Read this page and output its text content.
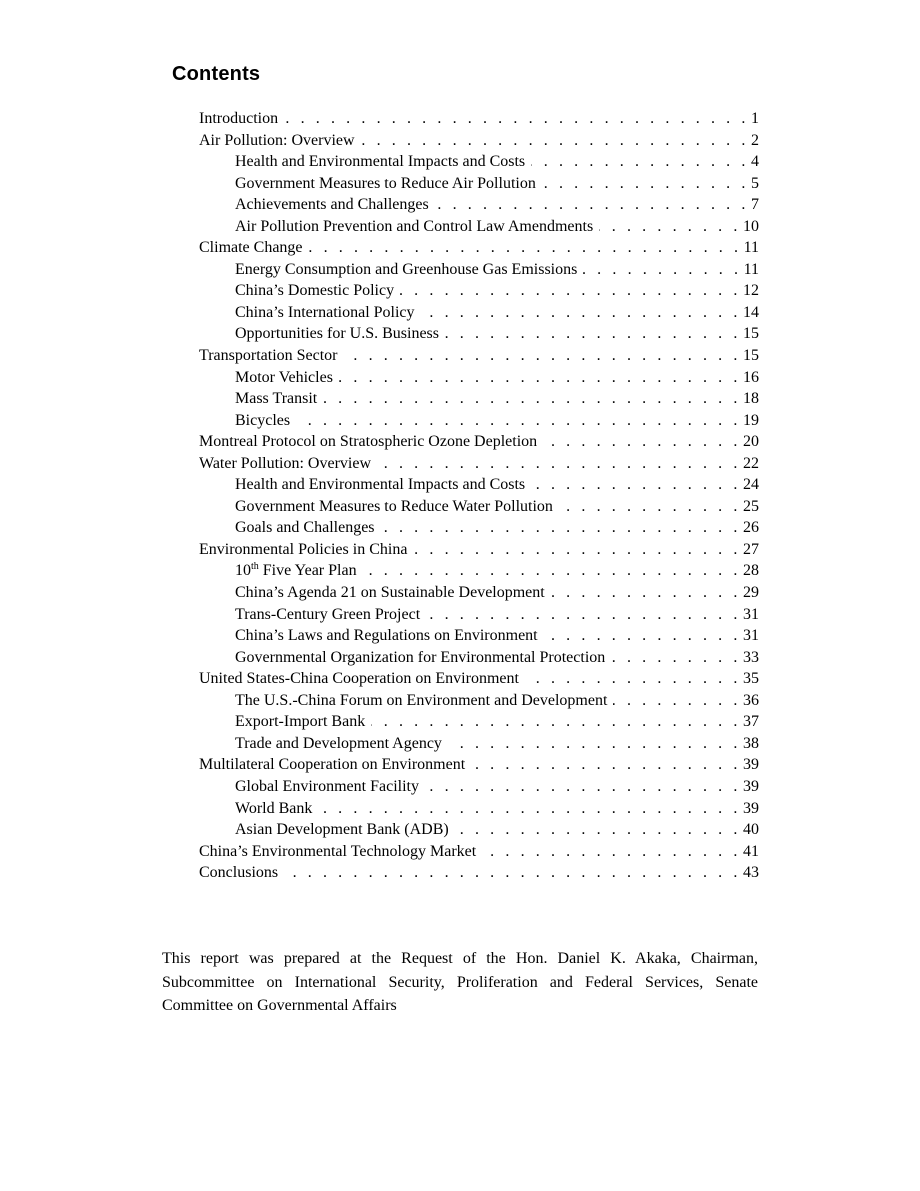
Contents
Introduction . . .	1
Air Pollution: Overview . . .	2
Health and Environmental Impacts and Costs . . .	4
Government Measures to Reduce Air Pollution . . .	5
Achievements and Challenges . . .	7
Air Pollution Prevention and Control Law Amendments . . .	10
Climate Change . . .	11
Energy Consumption and Greenhouse Gas Emissions . . .	11
China’s Domestic Policy . . .	12
China’s International Policy . . .	14
Opportunities for U.S. Business . . .	15
Transportation Sector . . .	15
Motor Vehicles . . .	16
Mass Transit . . .	18
Bicycles . . .	19
Montreal Protocol on Stratospheric Ozone Depletion . . .	20
Water Pollution: Overview . . .	22
Health and Environmental Impacts and Costs . . .	24
Government Measures to Reduce Water Pollution . . .	25
Goals and Challenges . . .	26
Environmental Policies in China . . .	27
10th Five Year Plan . . .	28
China’s Agenda 21 on Sustainable Development . . .	29
Trans-Century Green Project . . .	31
China’s Laws and Regulations on Environment . . .	31
Governmental Organization for Environmental Protection . . .	33
United States-China Cooperation on Environment . . .	35
The U.S.-China Forum on Environment and Development . . .	36
Export-Import Bank . . .	37
Trade and Development Agency . . .	38
Multilateral Cooperation on Environment . . .	39
Global Environment Facility . . .	39
World Bank . . .	39
Asian Development Bank (ADB) . . .	40
China’s Environmental Technology Market . . .	41
Conclusions . . .	43

This report was prepared at the Request of the Hon. Daniel K. Akaka, Chairman, Subcommittee on International Security, Proliferation and Federal Services, Senate Committee on Governmental Affairs
